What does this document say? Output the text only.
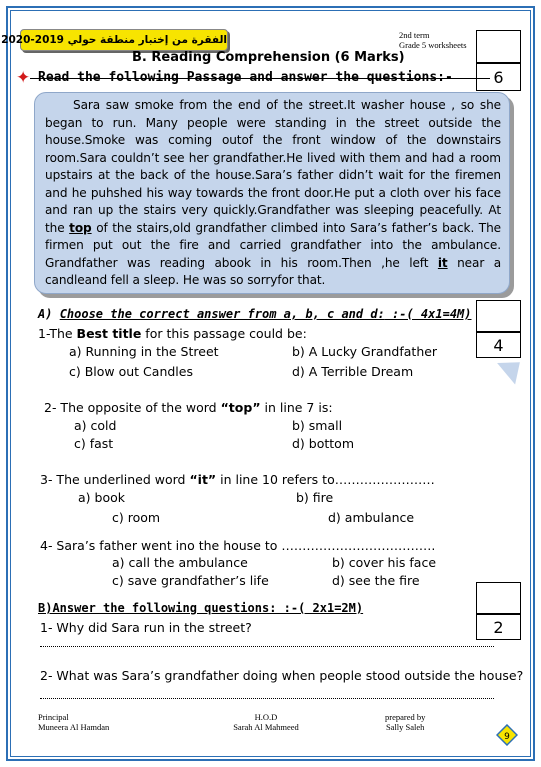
الفقرة من إختبار منطقة حولي 2019-2020	2nd term
Grade 5 worksheets
6
B. Reading Comprehension (6 Marks)
✦ Read the following Passage and answer the questions:-

Sara saw smoke from the end of the street.It washer house , so she began to run. Many people were standing in the street outside the house.Smoke was coming outof the front window of the downstairs room.Sara couldn’t see her grandfather.He lived with them and had a room upstairs at the back of the house.Sara’s father didn’t wait for the firemen and he puhshed his way towards the front door.He put a cloth over his face and ran up the stairs very quickly.Grandfather was sleeping peacefully. At the top of the stairs,old grandfather climbed into Sara’s father’s back. The firmen put out the fire and carried grandfather into the ambulance. Grandfather was reading abook in his room.Then ,he left it near a candleand fell a sleep. He was so sorryfor that.

A) Choose the correct answer from a, b, c and d: :-( 4x1=4M)
4
1-The Best title for this passage could be:
a) Running in the Street	b) A Lucky Grandfather
c) Blow out Candles	d) A Terrible Dream
2- The opposite of the word “top” in line 7 is:
a) cold	b) small
c) fast	d) bottom
3- The underlined word “it” in line 10 refers to……………………
a) book	b) fire
c) room	d) ambulance
4- Sara’s father went ino the house to ……………………………….
a) call the ambulance	b) cover his face
c) save grandfather’s life	d) see the fire
B)Answer the following questions: :-( 2x1=2M)
2
1- Why did Sara run in the street?
2- What was Sara’s grandfather doing when people stood outside the house?
Principal
Muneera Al Hamdan
H.O.D
Sarah Al Mahmeed
prepared by
Sally Saleh
9
